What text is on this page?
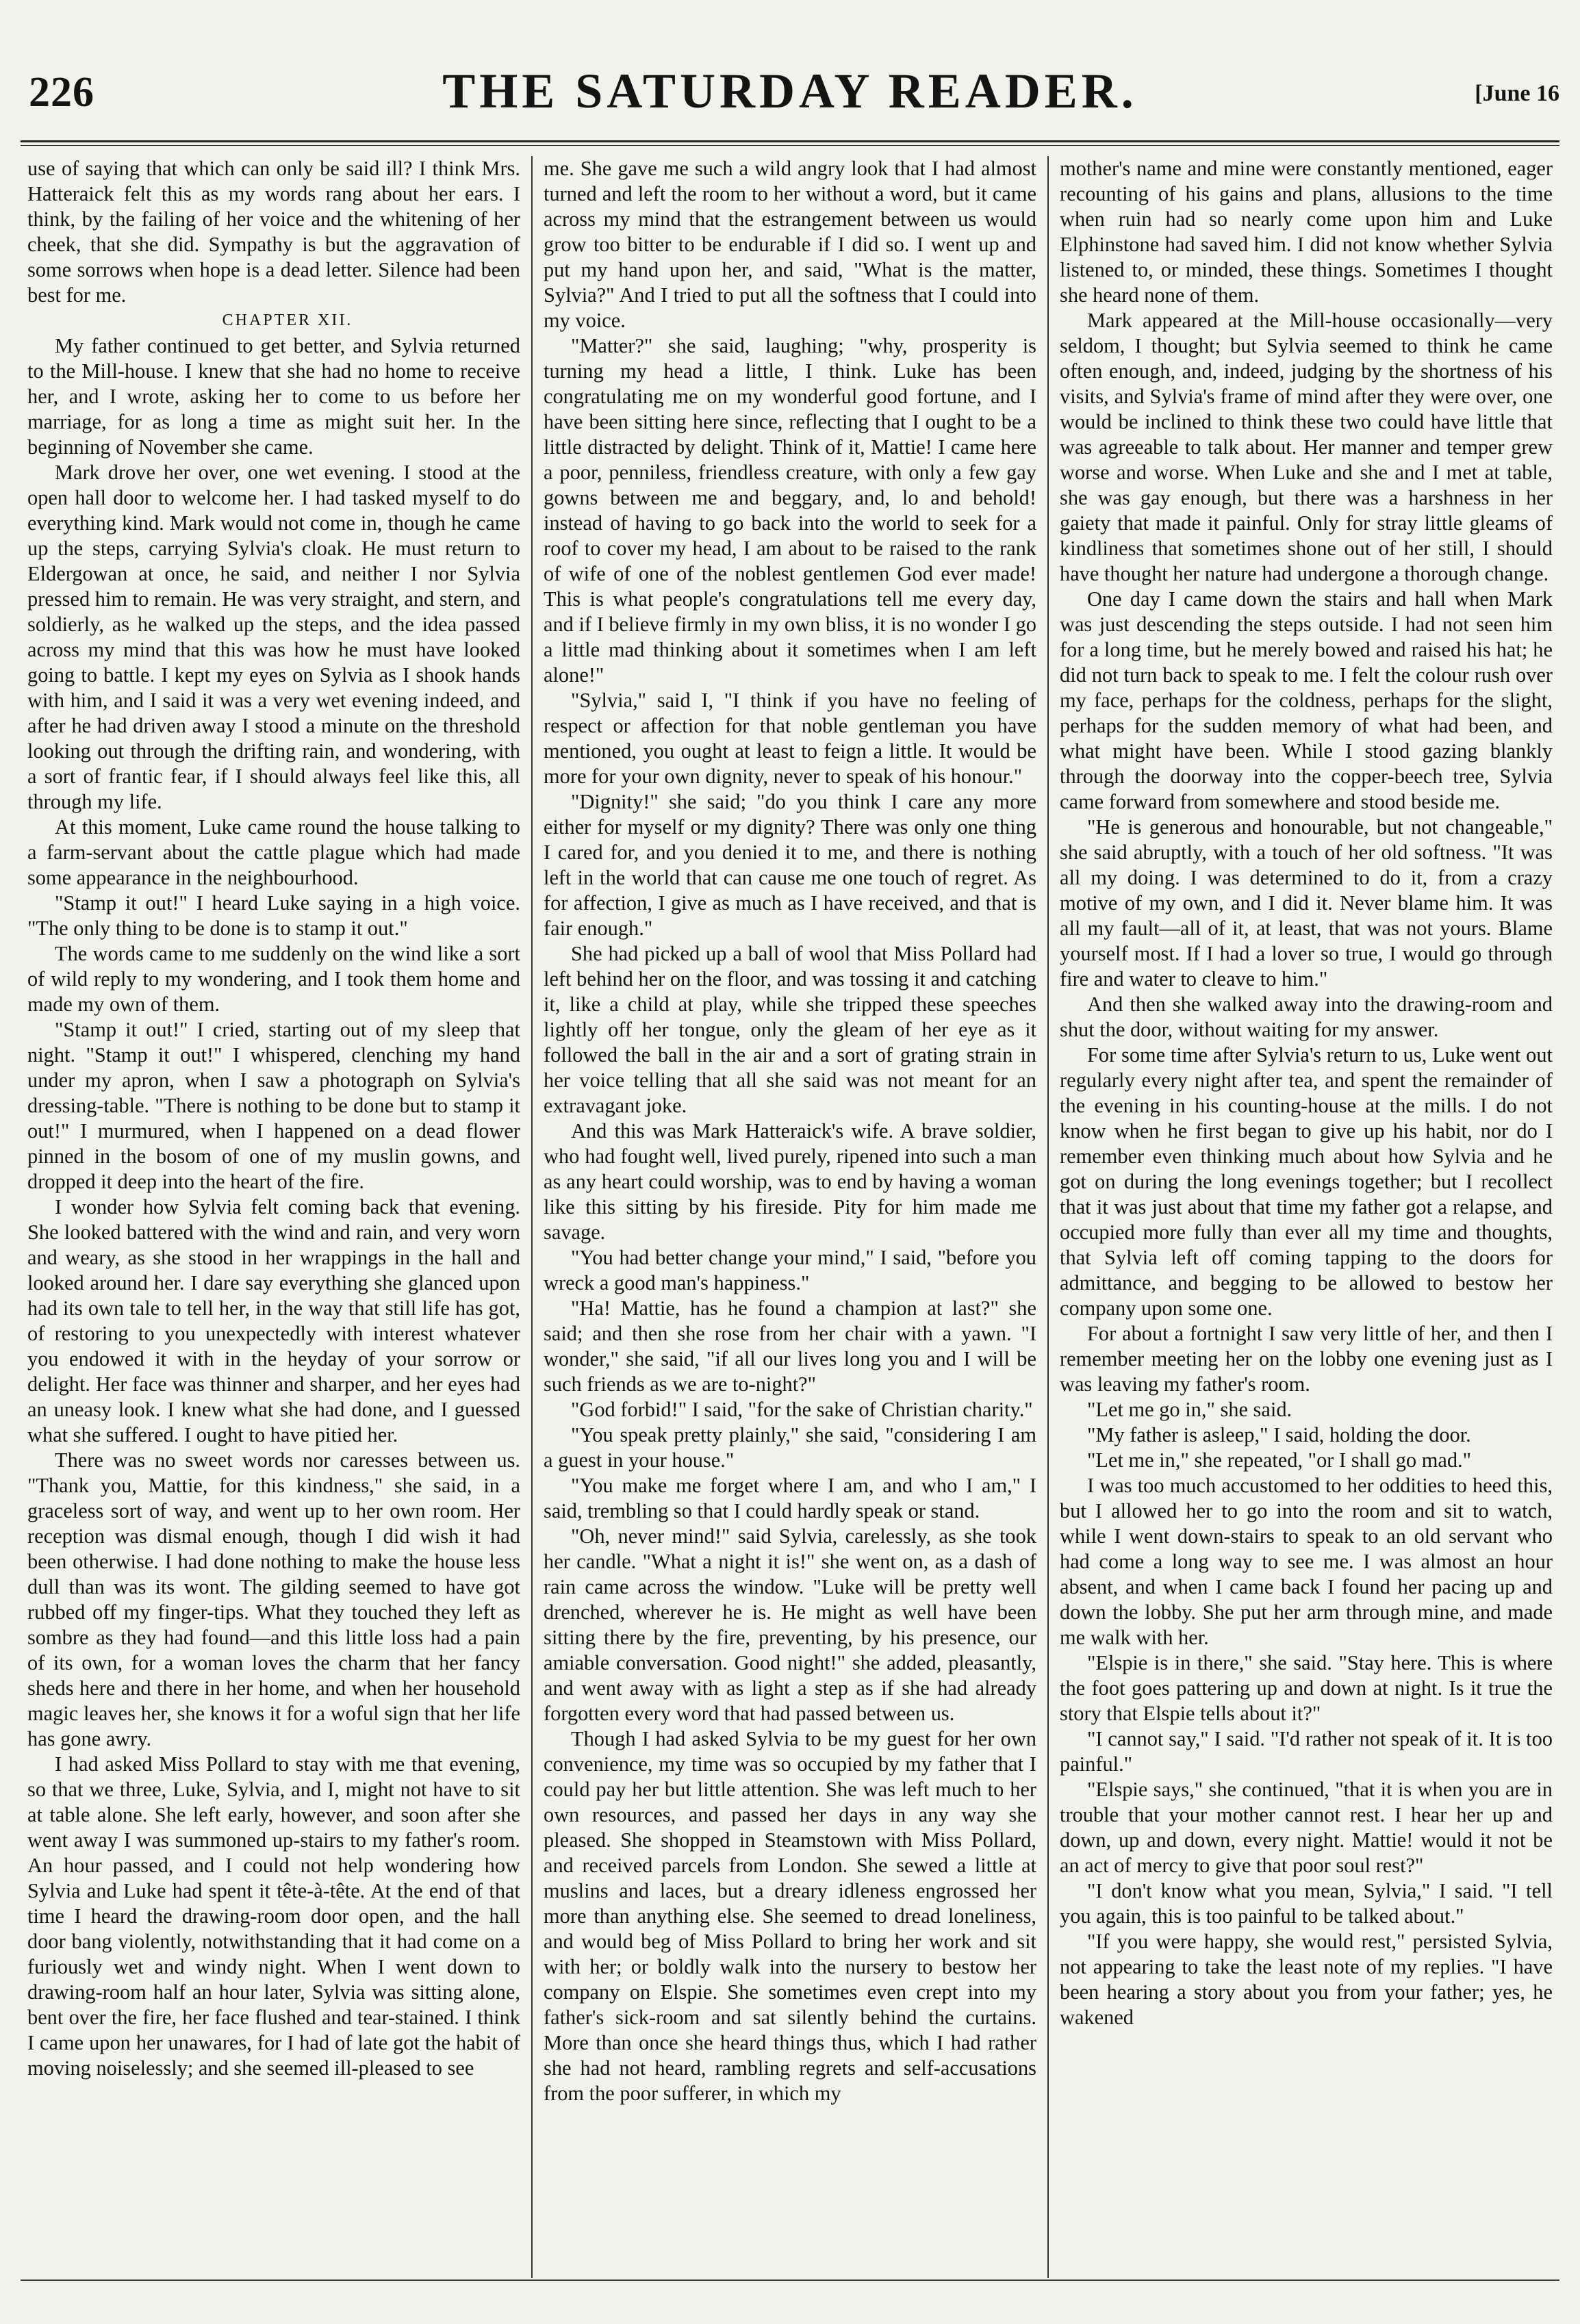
226	THE SATURDAY READER.	[June 16

use of saying that which can only be said ill? I think Mrs. Hatteraick felt this as my words rang about her ears. I think, by the failing of her voice and the whitening of her cheek, that she did. Sympathy is but the aggravation of some sorrows when hope is a dead letter. Silence had been best for me.

CHAPTER XII.

My father continued to get better, and Sylvia returned to the Mill-house. I knew that she had no home to receive her, and I wrote, asking her to come to us before her marriage, for as long a time as might suit her. In the beginning of November she came.

Mark drove her over, one wet evening. I stood at the open hall door to welcome her. I had tasked myself to do everything kind. Mark would not come in, though he came up the steps, carrying Sylvia's cloak. He must return to Eldergowan at once, he said, and neither I nor Sylvia pressed him to remain. He was very straight, and stern, and soldierly, as he walked up the steps, and the idea passed across my mind that this was how he must have looked going to battle. I kept my eyes on Sylvia as I shook hands with him, and I said it was a very wet evening indeed, and after he had driven away I stood a minute on the threshold looking out through the drifting rain, and wondering, with a sort of frantic fear, if I should always feel like this, all through my life.

At this moment, Luke came round the house talking to a farm-servant about the cattle plague which had made some appearance in the neighbourhood.

"Stamp it out!" I heard Luke saying in a high voice. "The only thing to be done is to stamp it out."

The words came to me suddenly on the wind like a sort of wild reply to my wondering, and I took them home and made my own of them.

"Stamp it out!" I cried, starting out of my sleep that night. "Stamp it out!" I whispered, clenching my hand under my apron, when I saw a photograph on Sylvia's dressing-table. "There is nothing to be done but to stamp it out!" I murmured, when I happened on a dead flower pinned in the bosom of one of my muslin gowns, and dropped it deep into the heart of the fire.

I wonder how Sylvia felt coming back that evening. She looked battered with the wind and rain, and very worn and weary, as she stood in her wrappings in the hall and looked around her. I dare say everything she glanced upon had its own tale to tell her, in the way that still life has got, of restoring to you unexpectedly with interest whatever you endowed it with in the heyday of your sorrow or delight. Her face was thinner and sharper, and her eyes had an uneasy look. I knew what she had done, and I guessed what she suffered. I ought to have pitied her.

There was no sweet words nor caresses between us. "Thank you, Mattie, for this kindness," she said, in a graceless sort of way, and went up to her own room. Her reception was dismal enough, though I did wish it had been otherwise. I had done nothing to make the house less dull than was its wont. The gilding seemed to have got rubbed off my finger-tips. What they touched they left as sombre as they had found—and this little loss had a pain of its own, for a woman loves the charm that her fancy sheds here and there in her home, and when her household magic leaves her, she knows it for a woful sign that her life has gone awry.

I had asked Miss Pollard to stay with me that evening, so that we three, Luke, Sylvia, and I, might not have to sit at table alone. She left early, however, and soon after she went away I was summoned up-stairs to my father's room. An hour passed, and I could not help wondering how Sylvia and Luke had spent it tête-à-tête. At the end of that time I heard the drawing-room door open, and the hall door bang violently, notwithstanding that it had come on a furiously wet and windy night. When I went down to drawing-room half an hour later, Sylvia was sitting alone, bent over the fire, her face flushed and tear-stained. I think I came upon her unawares, for I had of late got the habit of moving noiselessly; and she seemed ill-pleased to see

me. She gave me such a wild angry look that I had almost turned and left the room to her without a word, but it came across my mind that the estrangement between us would grow too bitter to be endurable if I did so. I went up and put my hand upon her, and said, "What is the matter, Sylvia?" And I tried to put all the softness that I could into my voice.

"Matter?" she said, laughing; "why, prosperity is turning my head a little, I think. Luke has been congratulating me on my wonderful good fortune, and I have been sitting here since, reflecting that I ought to be a little distracted by delight. Think of it, Mattie! I came here a poor, penniless, friendless creature, with only a few gay gowns between me and beggary, and, lo and behold! instead of having to go back into the world to seek for a roof to cover my head, I am about to be raised to the rank of wife of one of the noblest gentlemen God ever made! This is what people's congratulations tell me every day, and if I believe firmly in my own bliss, it is no wonder I go a little mad thinking about it sometimes when I am left alone!"

"Sylvia," said I, "I think if you have no feeling of respect or affection for that noble gentleman you have mentioned, you ought at least to feign a little. It would be more for your own dignity, never to speak of his honour."

"Dignity!" she said; "do you think I care any more either for myself or my dignity? There was only one thing I cared for, and you denied it to me, and there is nothing left in the world that can cause me one touch of regret. As for affection, I give as much as I have received, and that is fair enough."

She had picked up a ball of wool that Miss Pollard had left behind her on the floor, and was tossing it and catching it, like a child at play, while she tripped these speeches lightly off her tongue, only the gleam of her eye as it followed the ball in the air and a sort of grating strain in her voice telling that all she said was not meant for an extravagant joke.

And this was Mark Hatteraick's wife. A brave soldier, who had fought well, lived purely, ripened into such a man as any heart could worship, was to end by having a woman like this sitting by his fireside. Pity for him made me savage.

"You had better change your mind," I said, "before you wreck a good man's happiness."

"Ha! Mattie, has he found a champion at last?" she said; and then she rose from her chair with a yawn. "I wonder," she said, "if all our lives long you and I will be such friends as we are to-night?"

"God forbid!" I said, "for the sake of Christian charity."

"You speak pretty plainly," she said, "considering I am a guest in your house."

"You make me forget where I am, and who I am," I said, trembling so that I could hardly speak or stand.

"Oh, never mind!" said Sylvia, carelessly, as she took her candle. "What a night it is!" she went on, as a dash of rain came across the window. "Luke will be pretty well drenched, wherever he is. He might as well have been sitting there by the fire, preventing, by his presence, our amiable conversation. Good night!" she added, pleasantly, and went away with as light a step as if she had already forgotten every word that had passed between us.

Though I had asked Sylvia to be my guest for her own convenience, my time was so occupied by my father that I could pay her but little attention. She was left much to her own resources, and passed her days in any way she pleased. She shopped in Steamstown with Miss Pollard, and received parcels from London. She sewed a little at muslins and laces, but a dreary idleness engrossed her more than anything else. She seemed to dread loneliness, and would beg of Miss Pollard to bring her work and sit with her; or boldly walk into the nursery to bestow her company on Elspie. She sometimes even crept into my father's sick-room and sat silently behind the curtains. More than once she heard things thus, which I had rather she had not heard, rambling regrets and self-accusations from the poor sufferer, in which my

mother's name and mine were constantly mentioned, eager recounting of his gains and plans, allusions to the time when ruin had so nearly come upon him and Luke Elphinstone had saved him. I did not know whether Sylvia listened to, or minded, these things. Sometimes I thought she heard none of them.

Mark appeared at the Mill-house occasionally—very seldom, I thought; but Sylvia seemed to think he came often enough, and, indeed, judging by the shortness of his visits, and Sylvia's frame of mind after they were over, one would be inclined to think these two could have little that was agreeable to talk about. Her manner and temper grew worse and worse. When Luke and she and I met at table, she was gay enough, but there was a harshness in her gaiety that made it painful. Only for stray little gleams of kindliness that sometimes shone out of her still, I should have thought her nature had undergone a thorough change.

One day I came down the stairs and hall when Mark was just descending the steps outside. I had not seen him for a long time, but he merely bowed and raised his hat; he did not turn back to speak to me. I felt the colour rush over my face, perhaps for the coldness, perhaps for the slight, perhaps for the sudden memory of what had been, and what might have been. While I stood gazing blankly through the doorway into the copper-beech tree, Sylvia came forward from somewhere and stood beside me.

"He is generous and honourable, but not changeable," she said abruptly, with a touch of her old softness. "It was all my doing. I was determined to do it, from a crazy motive of my own, and I did it. Never blame him. It was all my fault—all of it, at least, that was not yours. Blame yourself most. If I had a lover so true, I would go through fire and water to cleave to him."

And then she walked away into the drawing-room and shut the door, without waiting for my answer.

For some time after Sylvia's return to us, Luke went out regularly every night after tea, and spent the remainder of the evening in his counting-house at the mills. I do not know when he first began to give up his habit, nor do I remember even thinking much about how Sylvia and he got on during the long evenings together; but I recollect that it was just about that time my father got a relapse, and occupied more fully than ever all my time and thoughts, that Sylvia left off coming tapping to the doors for admittance, and begging to be allowed to bestow her company upon some one.

For about a fortnight I saw very little of her, and then I remember meeting her on the lobby one evening just as I was leaving my father's room.

"Let me go in," she said.

"My father is asleep," I said, holding the door.

"Let me in," she repeated, "or I shall go mad."

I was too much accustomed to her oddities to heed this, but I allowed her to go into the room and sit to watch, while I went down-stairs to speak to an old servant who had come a long way to see me. I was almost an hour absent, and when I came back I found her pacing up and down the lobby. She put her arm through mine, and made me walk with her.

"Elspie is in there," she said. "Stay here. This is where the foot goes pattering up and down at night. Is it true the story that Elspie tells about it?"

"I cannot say," I said. "I'd rather not speak of it. It is too painful."

"Elspie says," she continued, "that it is when you are in trouble that your mother cannot rest. I hear her up and down, up and down, every night. Mattie! would it not be an act of mercy to give that poor soul rest?"

"I don't know what you mean, Sylvia," I said. "I tell you again, this is too painful to be talked about."

"If you were happy, she would rest," persisted Sylvia, not appearing to take the least note of my replies. "I have been hearing a story about you from your father; yes, he wakened
